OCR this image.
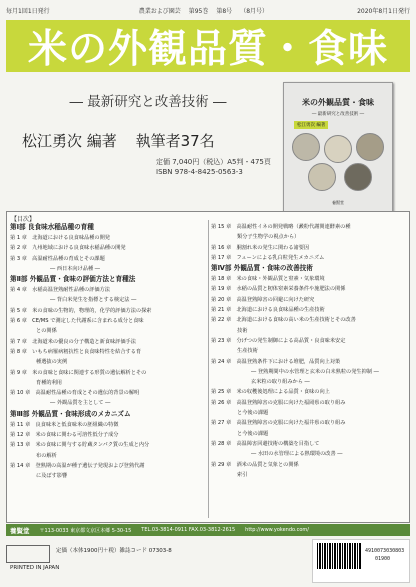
毎月1回1日発行	農業および園芸 第95巻 第8号 （8月号）	2020年8月1日発行
米の外観品質・食味
― 最新研究と改善技術 ―
松江勇次 編著 執筆者37名
定価 7,040円（税込）A5判・475頁
ISBN 978-4-8425-0563-3
米の外観品質・食味
― 最新研究と改善技術 ―
松江勇次 編著
養賢堂
【目次】
第Ⅰ部 良食味水稲品種の育種
第 1 章　北海道における良食味品種の開発
第 2 章　九州地域における良食味水稲品種の開発
第 3 章　高温耐性品種の育成とその課題
― 西日本向け品種 ―
第Ⅱ部 外観品質・食味の評価方法と育種法
第 4 章　水稲高温登熟耐性品種の評価方法
― 背白米発生を指標とする検定法 ―
第 5 章　米の食味の生物的，物理的，化学的評価方法の探索
第 6 章　CE/MS で測定した代謝系に含まれる成分と食味
との関係
第 7 章　北海道米の優良の分子構造と新食味評価手法
第 8 章　いもち病罹病籾抗性と良食味特性を結合する育
種選抜の実例
第 9 章　米の食味と食味に関連する形質の遺伝解析とその
育種的利用
第 10 章　高温耐性品種の育成とその遺伝的背景の解明
― 外観品質を主として ―
第Ⅲ部 外観品質・食味形成のメカニズム
第 11 章　良食味米と低食味米の胚組織の特徴
第 12 章　米の食味に関わる可溶性低分子成分
第 13 章　米の食味に関与する貯蔵タンパク質の生成と内分
布の解析
第 14 章　登熟期の高温が種子遺伝子発現および登熟代謝
に及ぼす影響
第 15 章　高温耐性イネの開発戦略（澱粉代謝関連酵素の種
類分子生物学の視点から）
第 16 章　胴割れ米の発生に関わる諸要因
第 17 章　フューンによる乳白粒発生メカニズム
第Ⅳ部 外観品質・食味の改善技術
第 18 章　米の食味・外観品質と窒素・気象環境
第 19 章　水稲の品質と籾体窒素栄養条件や施肥法の関係
第 20 章　高温登熟障害の回避に向けた研究
第 21 章　北海道における良食味品種の生産技術
第 22 章　北海道における食味の高い米の生産技術とその改善
技術
第 23 章　分げつの発生制御による高品質・良食味米安定
生産技術
第 24 章　高温登熟条件下における堆肥，品質向上対策
― 登熟期間中の水管理と玄米の白未熟粒の発生抑制 ―
玄米粒の取り組みから ―
第 25 章　米の収穫後処理による品質・食味の向上
第 26 章　高温登熟障害の克服に向けた福岡県の取り組み
と今後の課題
第 27 章　高温登熟障害の克服に向けた福井県の取り組み
と今後の課題
第 28 章　高温障害回避技術の構築を目指して
― 水田の水管理による熱環境の改善 ―
第 29 章　酒米の品質と気象との関係
索引
養賢堂 〒113-0033 東京都文京区本郷 5-30-15 TEL.03-3814-0911 FAX.03-3812-2615 http://www.yokendo.com/
定価（本体1900円＋税）雑誌コード 07303-8
PRINTED IN JAPAN
4910073030803
01900
